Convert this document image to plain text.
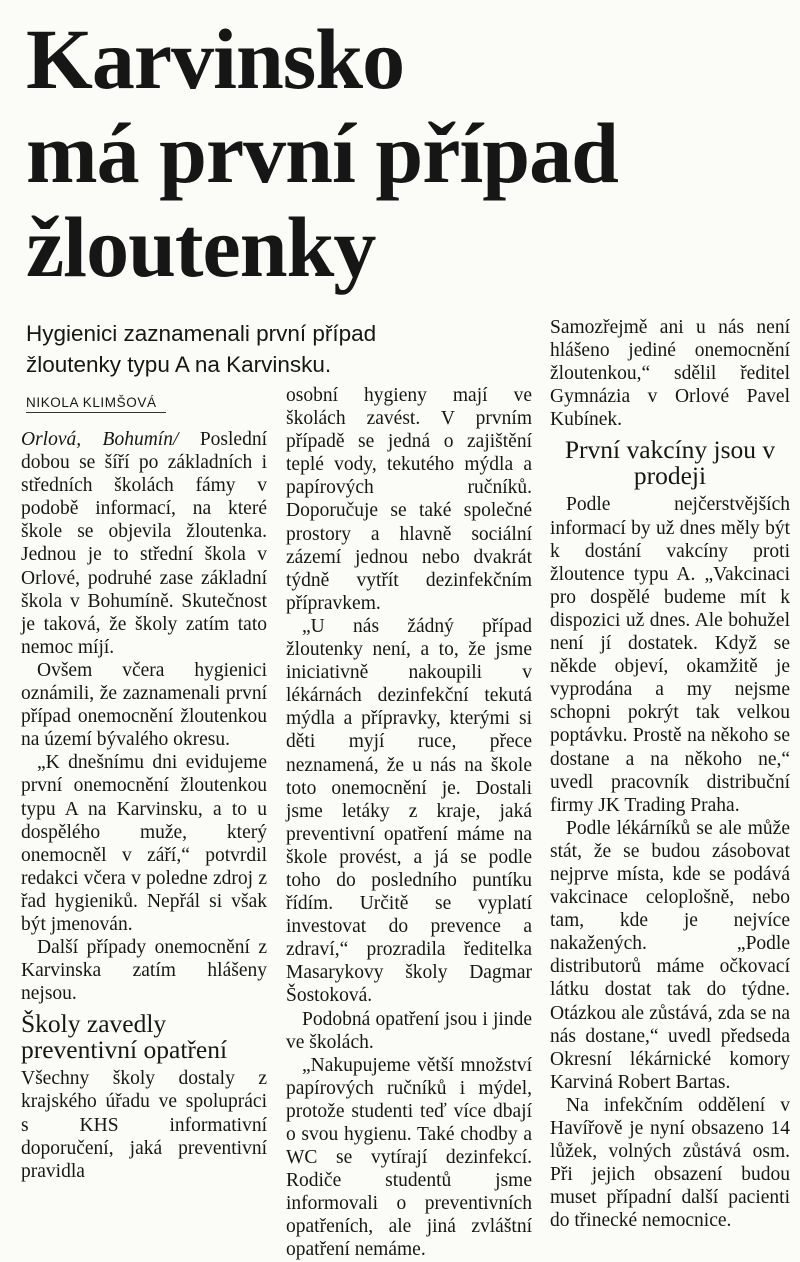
Karvinsko
má první případ
žloutenky

Hygienici zaznamenali první případ

žloutenky typu A na Karvinsku.

NIKOLA KLIMŠOVÁ

Orlová, Bohumín/ Poslední dobou se šíří po základních i středních školách fámy v podobě informací, na které škole se objevila žloutenka. Jednou je to střední škola v Orlové, podruhé zase základní škola v Bohumíně. Skutečnost je taková, že školy zatím tato nemoc míjí.

Ovšem včera hygienici oznámili, že zaznamenali první případ onemocnění žloutenkou na území bývalého okresu.

„K dnešnímu dni evidujeme první onemocnění žloutenkou typu A na Karvinsku, a to u dospělého muže, který onemocněl v září,“ potvrdil redakci včera v poledne zdroj z řad hygieniků. Nepřál si však být jmenován.

Další případy onemocnění z Karvinska zatím hlášeny nejsou.

Školy zavedly preventivní opatření

Všechny školy dostaly z krajského úřadu ve spolupráci s KHS informativní doporučení, jaká preventivní pravidla

osobní hygieny mají ve školách zavést. V prvním případě se jedná o zajištění teplé vody, tekutého mýdla a papírových ručníků. Doporučuje se také společné prostory a hlavně sociální zázemí jednou nebo dvakrát týdně vytřít dezinfekčním přípravkem.

„U nás žádný případ žloutenky není, a to, že jsme iniciativně nakoupili v lékárnách dezinfekční tekutá mýdla a přípravky, kterými si děti myjí ruce, přece neznamená, že u nás na škole toto onemocnění je. Dostali jsme letáky z kraje, jaká preventivní opatření máme na škole provést, a já se podle toho do posledního puntíku řídím. Určitě se vyplatí investovat do prevence a zdraví,“ prozradila ředitelka Masarykovy školy Dagmar Šostoková.

Podobná opatření jsou i jinde ve školách.

„Nakupujeme větší množství papírových ručníků i mýdel, protože studenti teď více dbají o svou hygienu. Také chodby a WC se vytírají dezinfekcí. Rodiče studentů jsme informovali o preventivních opatřeních, ale jiná zvláštní opatření nemáme.

Samozřejmě ani u nás není hlášeno jediné onemocnění žloutenkou,“ sdělil ředitel Gymnázia v Orlové Pavel Kubínek.

První vakcíny jsou v prodeji

Podle nejčerstvějších informací by už dnes měly být k dostání vakcíny proti žloutence typu A. „Vakcinaci pro dospělé budeme mít k dispozici už dnes. Ale bohužel není jí dostatek. Když se někde objeví, okamžitě je vyprodána a my nejsme schopni pokrýt tak velkou poptávku. Prostě na někoho se dostane a na někoho ne,“ uvedl pracovník distribuční firmy JK Trading Praha.

Podle lékárníků se ale může stát, že se budou zásobovat nejprve místa, kde se podává vakcinace celoplošně, nebo tam, kde je nejvíce nakažených. „Podle distributorů máme očkovací látku dostat tak do týdne. Otázkou ale zůstává, zda se na nás dostane,“ uvedl předseda Okresní lékárnické komory Karviná Robert Bartas.

Na infekčním oddělení v Havířově je nyní obsazeno 14 lůžek, volných zůstává osm. Při jejich obsazení budou muset případní další pacienti do třinecké nemocnice.
